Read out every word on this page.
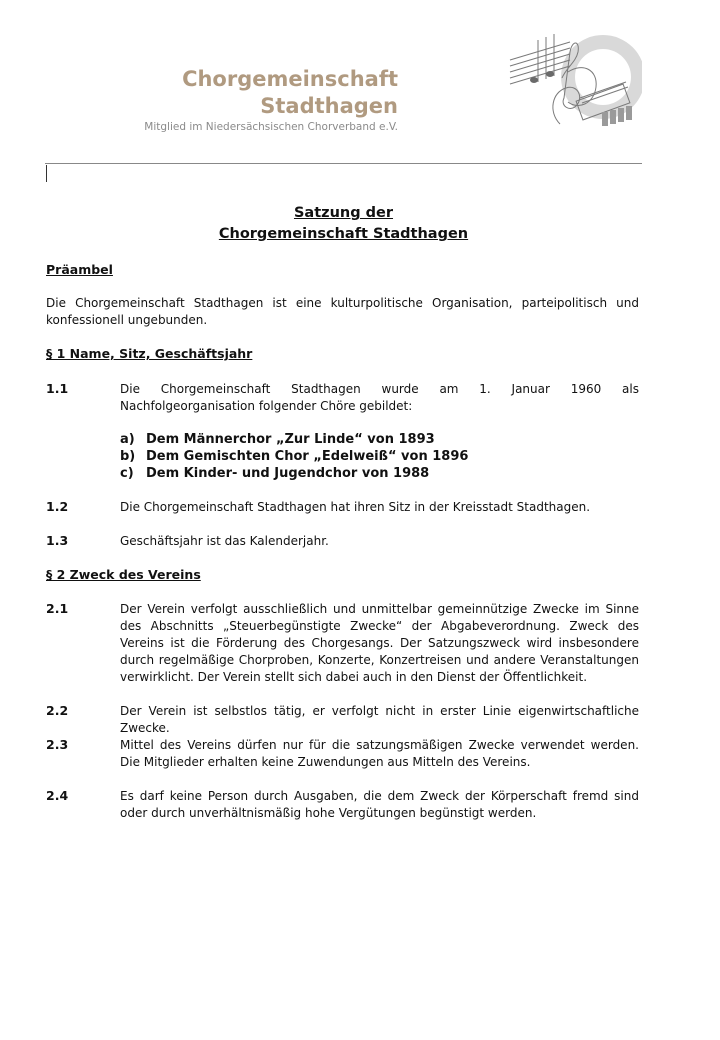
Chorgemeinschaft
Stadthagen
Mitglied im Niedersächsischen Chorverband e.V.
Satzung der
Chorgemeinschaft Stadthagen
Präambel
Die Chorgemeinschaft Stadthagen ist eine kulturpolitische Organisation, parteipolitisch und konfessionell ungebunden.
§ 1 Name, Sitz, Geschäftsjahr
1.1	Die Chorgemeinschaft Stadthagen wurde am 1. Januar 1960 als Nachfolgeorganisation folgender Chöre gebildet:
a) Dem Männerchor „Zur Linde“ von 1893
b) Dem Gemischten Chor „Edelweiß“ von 1896
c) Dem Kinder- und Jugendchor von 1988
1.2	Die Chorgemeinschaft Stadthagen hat ihren Sitz in der Kreisstadt Stadthagen.
1.3	Geschäftsjahr ist das Kalenderjahr.
§ 2 Zweck des Vereins
2.1	Der Verein verfolgt ausschließlich und unmittelbar gemeinnützige Zwecke im Sinne des Abschnitts „Steuerbegünstigte Zwecke“ der Abgabeverordnung. Zweck des Vereins ist die Förderung des Chorgesangs. Der Satzungszweck wird insbesondere durch regelmäßige Chorproben, Konzerte, Konzertreisen und andere Veranstaltungen verwirklicht. Der Verein stellt sich dabei auch in den Dienst der Öffentlichkeit.
2.2	Der Verein ist selbstlos tätig, er verfolgt nicht in erster Linie eigenwirtschaftliche Zwecke.
2.3	Mittel des Vereins dürfen nur für die satzungsmäßigen Zwecke verwendet werden. Die Mitglieder erhalten keine Zuwendungen aus Mitteln des Vereins.
2.4	Es darf keine Person durch Ausgaben, die dem Zweck der Körperschaft fremd sind oder durch unverhältnismäßig hohe Vergütungen begünstigt werden.
